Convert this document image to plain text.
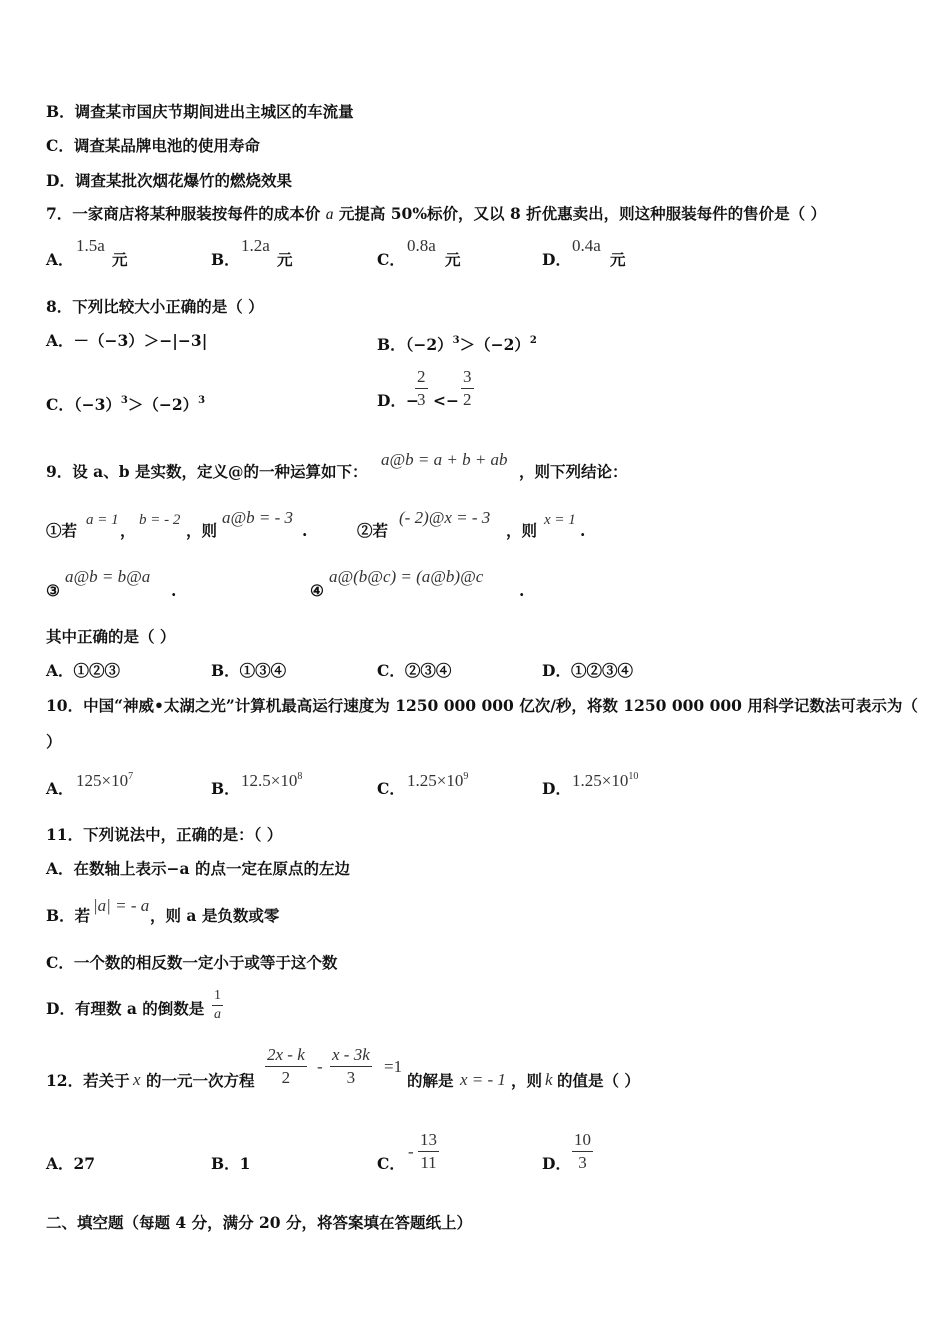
B．调查某市国庆节期间进出主城区的车流量
C．调查某品牌电池的使用寿命
D．调查某批次烟花爆竹的燃烧效果
7．一家商店将某种服装按每件的成本价 a 元提高 50%标价，又以 8 折优惠卖出，则这种服装每件的售价是（ ）
A．
1.5a
元	B．
1.2a
元	C．
0.8a
元	D．
0.4a
元
8．下列比较大小正确的是（ ）
A．－（−3）＞−|−3|	B．$(-2)^3>(-2)^2$
C．$(-3)^3>(-2)^3$	D．−
$\frac{2}{3} <- \frac{3}{2}$
9．设 a、b 是实数，定义@的一种运算如下：
a@b = a + b + ab
，则下列结论：
①若
a = 1
，
b = - 2
，则
a@b = - 3
.	②若
(- 2)@x = - 3
，则
x = 1
.
③
a@b = b@a
.	④
a@(b@c) = (a@b)@c
.
其中正确的是（ ）
A．①②③	B．①③④	C．②③④	D．①②③④
10．中国“神威•太湖之光”计算机最高运行速度为 1250 000 000 亿次/秒，将数 1250 000 000 用科学记数法可表示为（
）
A． $125\times 10^7$
B． $12.5\times 10^8$
C． $1.25\times 10^9$
D． $1.25\times 10^{10}$
11．下列说法中，正确的是：（ ）
A．在数轴上表示−a 的点一定在原点的左边
B．若
|a| = - a
，则 a 是负数或零
C．一个数的相反数一定小于或等于这个数
D．有理数 a 的倒数是 $\frac{1}{a}$
12．若关于 x 的一元一次方程 $\frac{2x - k}{2} - \frac{x - 3k}{3} =1$
的解是 x = - 1 ，则 k 的值是（ ）
A．27	B．1	C．
- $\frac{13}{11}$	D． $\frac{10}{3}$
二、填空题（每题 4 分，满分 20 分，将答案填在答题纸上）
